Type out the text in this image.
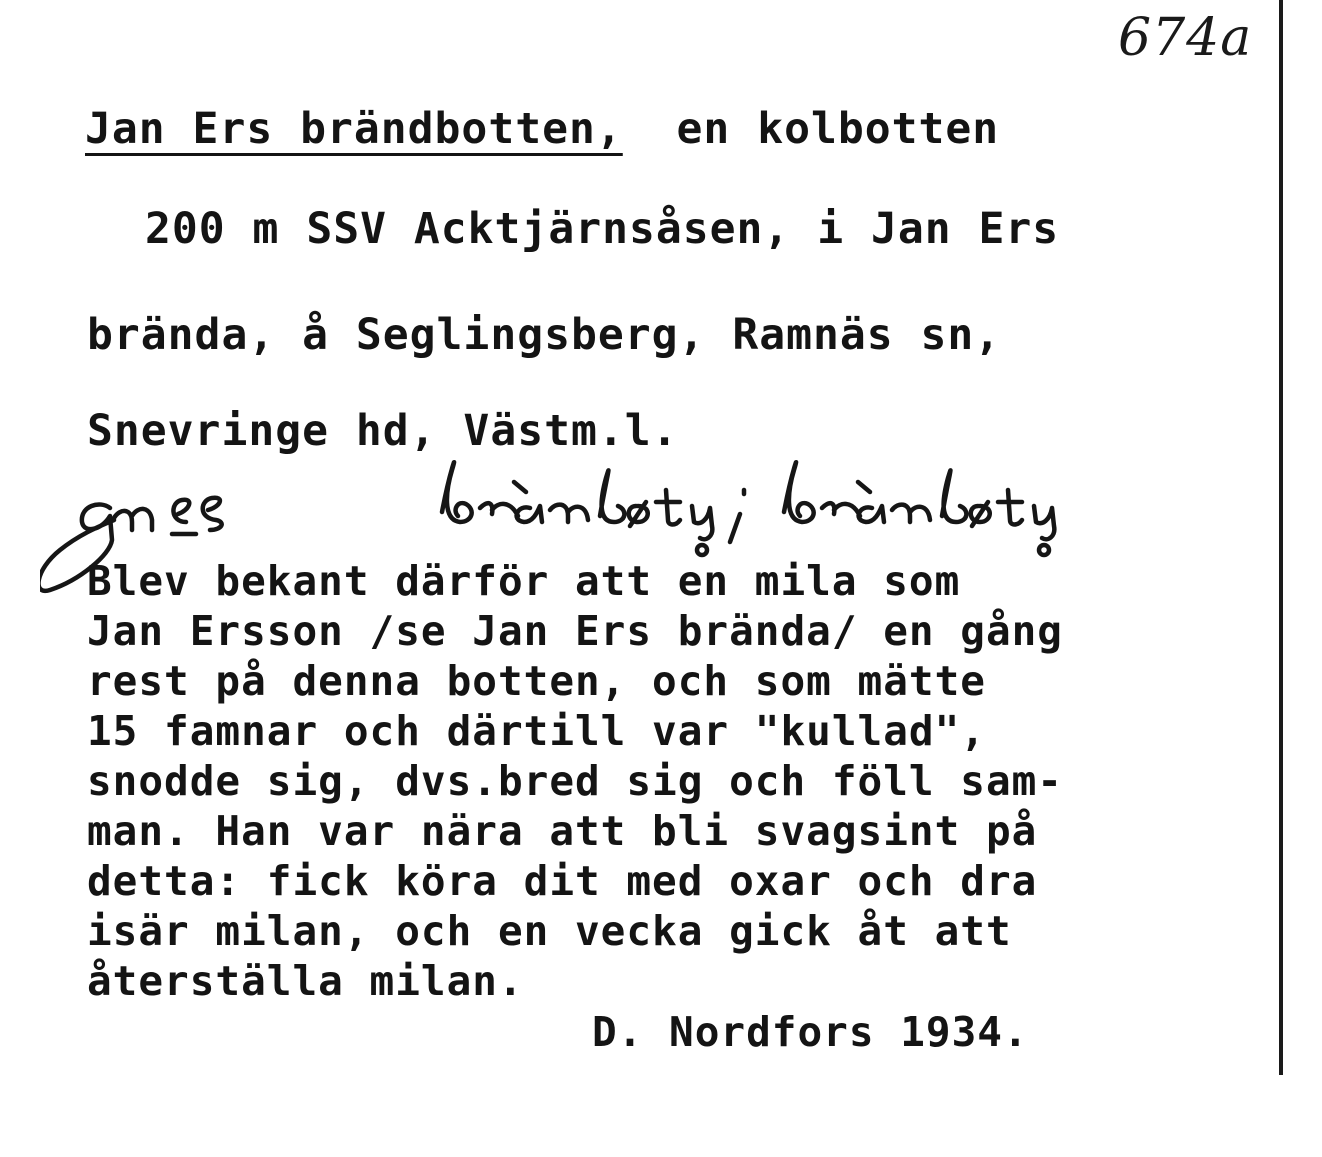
674a
Jan Ers brändbotten,  en kolbotten
200 m SSV Acktjärnsåsen, i Jan Ers
brända, å Seglingsberg, Ramnäs sn,
Snevringe hd, Västm.l.
Blev bekant därför att en mila som
Jan Ersson /se Jan Ers brända/ en gång
rest på denna botten, och som mätte
15 famnar och därtill var "kullad",
snodde sig, dvs.bred sig och föll sam-
man. Han var nära att bli svagsint på
detta: fick köra dit med oxar och dra
isär milan, och en vecka gick åt att
återställa milan.
D. Nordfors 1934.
